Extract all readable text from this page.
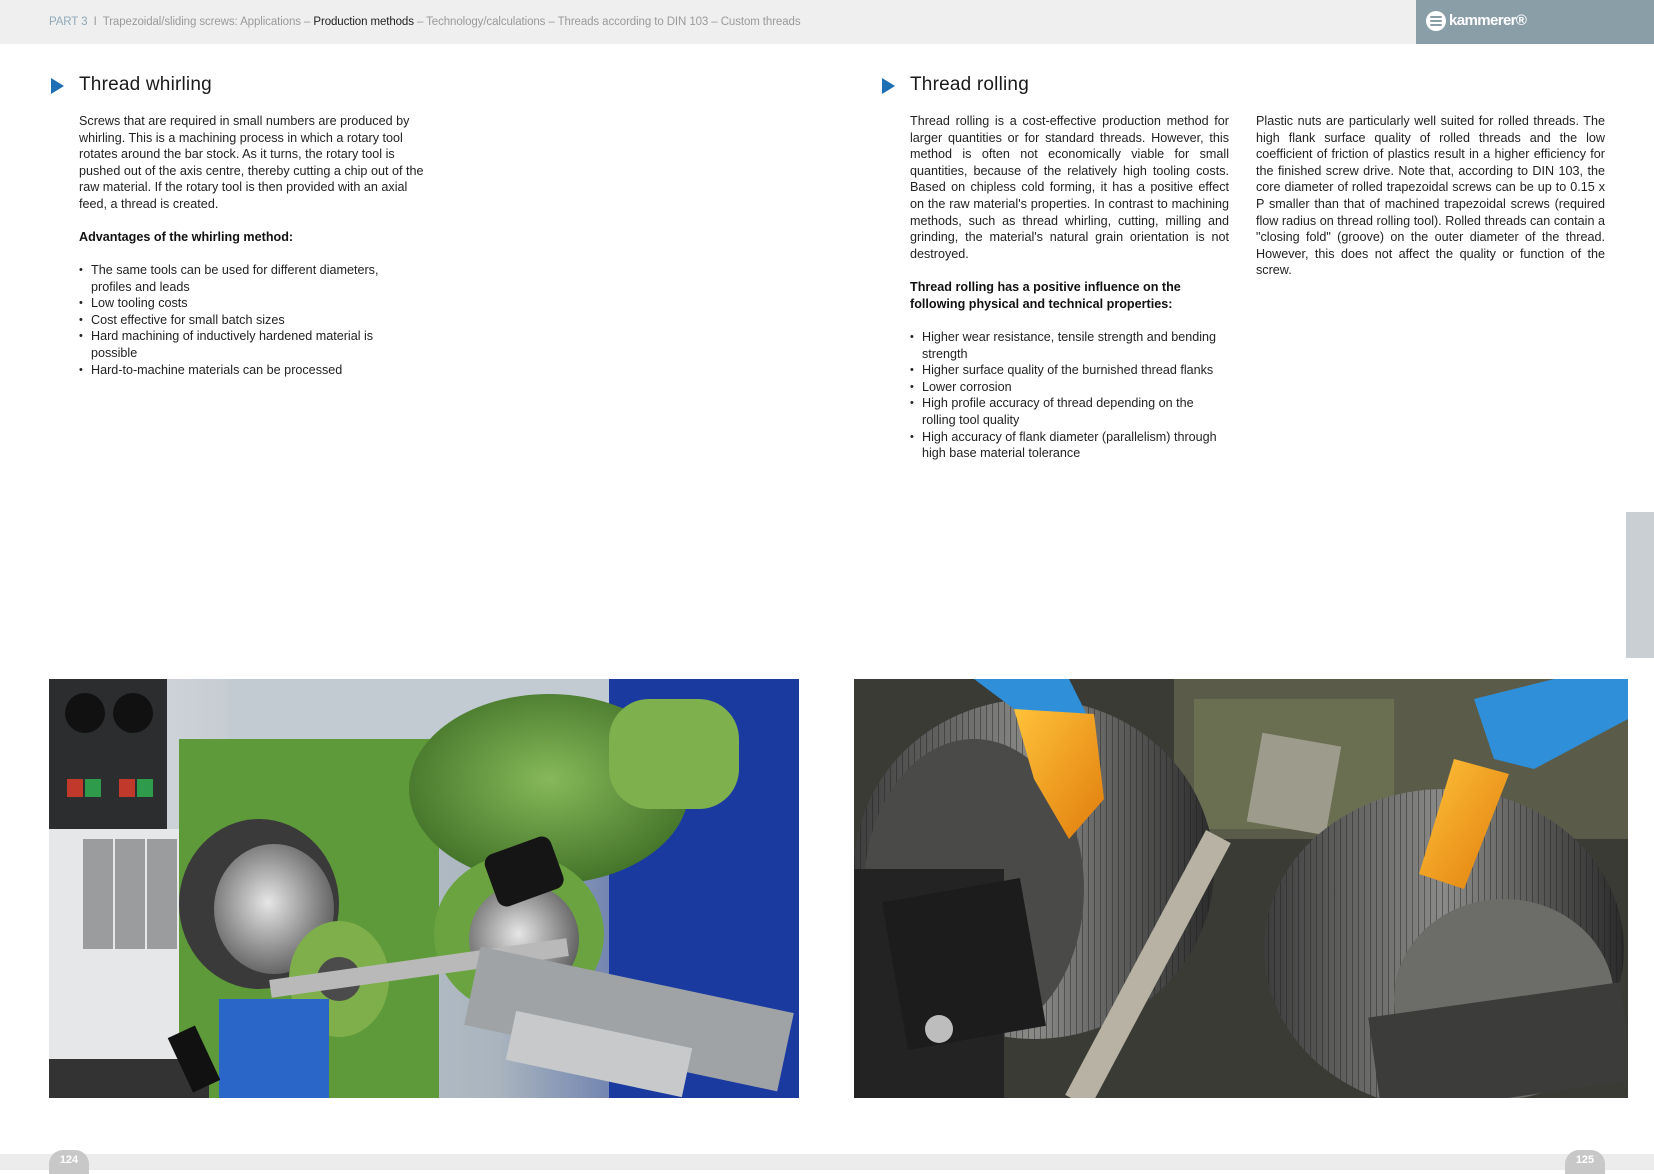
PART 3 I Trapezoidal/sliding screws: Applications – Production methods – Technology/calculations – Threads according to DIN 103 – Custom threads	kammerer®
Thread whirling

Screws that are required in small numbers are produced by whirling. This is a machining process in which a rotary tool rotates around the bar stock. As it turns, the rotary tool is pushed out of the axis centre, thereby cutting a chip out of the raw material. If the rotary tool is then provided with an axial feed, a thread is created.

Advantages of the whirling method:

• The same tools can be used for different diameters, profiles and leads
• Low tooling costs
• Cost effective for small batch sizes
• Hard machining of inductively hardened material is possible
• Hard-to-machine materials can be processed
Thread rolling

Thread rolling is a cost-effective production method for larger quantities or for standard threads. However, this method is often not economically viable for small quantities, because of the relatively high tooling costs. Based on chipless cold forming, it has a positive effect on the raw material's properties. In contrast to machining methods, such as thread whirling, cutting, milling and grinding, the material's natural grain orientation is not destroyed.

Thread rolling has a positive influence on the following physical and technical properties:

• Higher wear resistance, tensile strength and bending strength
• Higher surface quality of the burnished thread flanks
• Lower corrosion
• High profile accuracy of thread depending on the rolling tool quality
• High accuracy of flank diameter (parallelism) through high base material tolerance

Plastic nuts are particularly well suited for rolled threads. The high flank surface quality of rolled threads and the low coefficient of friction of plastics result in a higher efficiency for the finished screw drive. Note that, according to DIN 103, the core diameter of rolled trapezoidal screws can be up to 0.15 x P smaller than that of machined trapezoidal screws (required flow radius on thread rolling tool). Rolled threads can contain a "closing fold" (groove) on the outer diameter of the thread. However, this does not affect the quality or function of the screw.

124	125
